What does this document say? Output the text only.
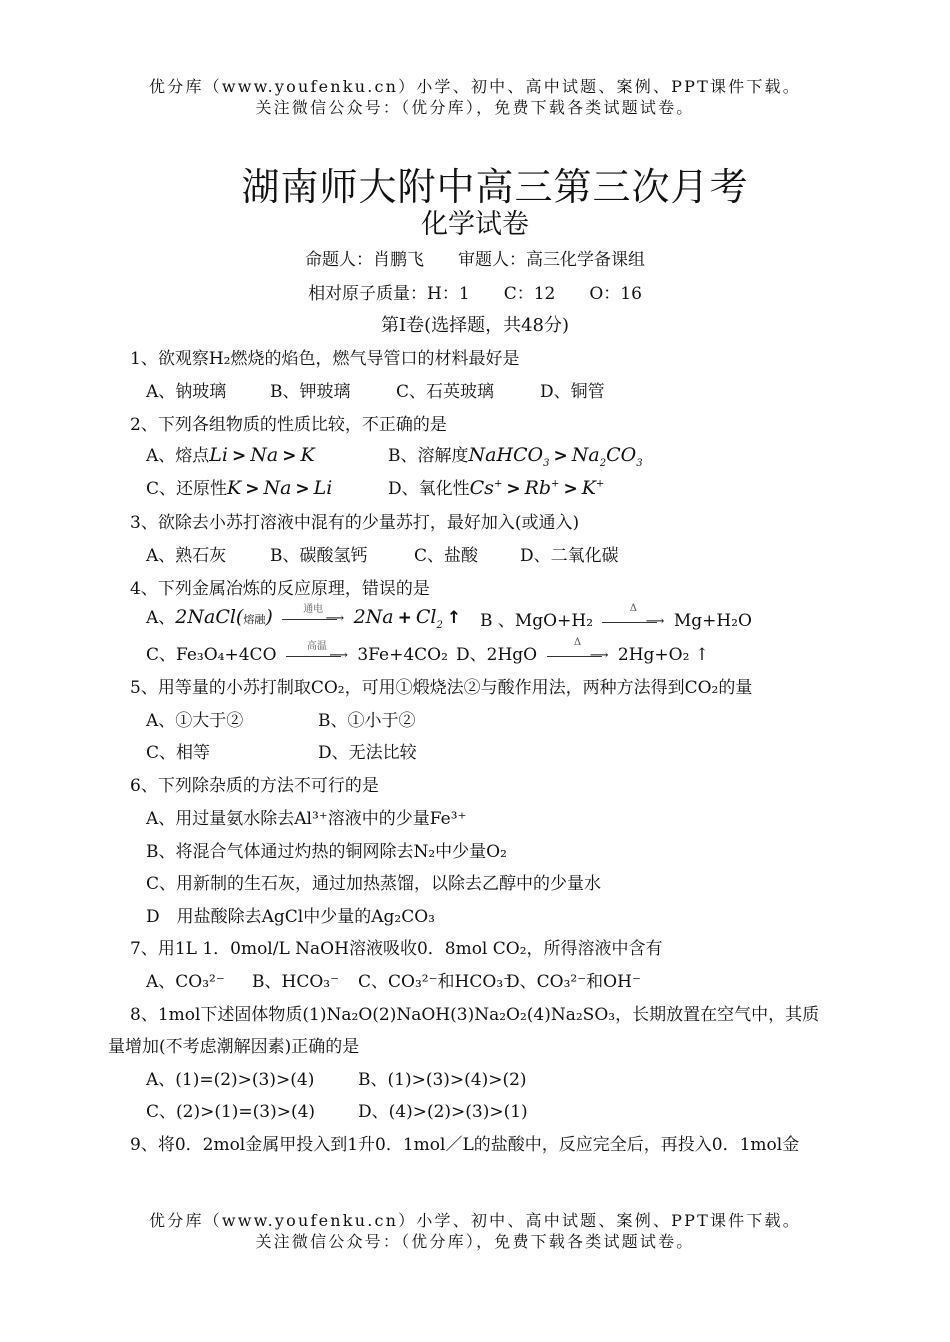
优分库（www.youfenku.cn）小学、初中、高中试题、案例、PPT课件下载。
关注微信公众号：（优分库），免费下载各类试题试卷。
湖南师大附中高三第三次月考
化学试卷
命题人：肖鹏飞　　审题人：高三化学备课组
相对原子质量：H：1　　C：12　　O：16
第Ⅰ卷(选择题，共48分)
1、欲观察H₂燃烧的焰色，燃气导管口的材料最好是
A、钠玻璃	B、钾玻璃	C、石英玻璃	D、铜管
2、下列各组物质的性质比较，不正确的是
A、熔点Li > Na > K	B、溶解度NaHCO$_3$ > $Na_2CO_3$
C、还原性K > Na > Li	D、氧化性Cs+ > Rb+ > K+
3、欲除去小苏打溶液中混有的少量苏打，最好加入(或通入)
A、熟石灰	B、碳酸氢钙	C、盐酸 D、二氧化碳
4、下列金属冶炼的反应原理，错误的是
A、2NaCl(熔融)	通电
⟶ $2Na + Cl_2$ ↑ B 、MgO+H₂
Δ
⟶ Mg+H₂O
C、Fe₃O₄+4CO	高温
⟶ 3Fe+4CO₂ D、2HgO
Δ
⟶ 2Hg+O₂ ↑
5、用等量的小苏打制取CO₂，可用①煅烧法②与酸作用法，两种方法得到CO₂的量
A、①大于②	B、①小于②
C、相等	D、无法比较
6、下列除杂质的方法不可行的是
A、用过量氨水除去Al³⁺溶液中的少量Fe³⁺
B、将混合气体通过灼热的铜网除去N₂中少量O₂
C、用新制的生石灰，通过加热蒸馏，以除去乙醇中的少量水
D　用盐酸除去AgCl中少量的Ag₂CO₃
7、用1L 1．0mol/L NaOH溶液吸收0．8mol CO₂，所得溶液中含有
A、CO₃²⁻ B、HCO₃⁻ C、CO₃²⁻和HCO₃⁻
D、CO₃²⁻和OH⁻
8、1mol下述固体物质(1)Na₂O(2)NaOH(3)Na₂O₂(4)Na₂SO₃，长期放置在空气中，其质
量增加(不考虑潮解因素)正确的是
A、(1)=(2)>(3)>(4)	B、(1)>(3)>(4)>(2)
C、(2)>(1)=(3)>(4)	D、(4)>(2)>(3)>(1)
9、将0．2mol金属甲投入到1升0．1mol／L的盐酸中，反应完全后，再投入0．1mol金
优分库（www.youfenku.cn）小学、初中、高中试题、案例、PPT课件下载。
关注微信公众号：（优分库），免费下载各类试题试卷。
